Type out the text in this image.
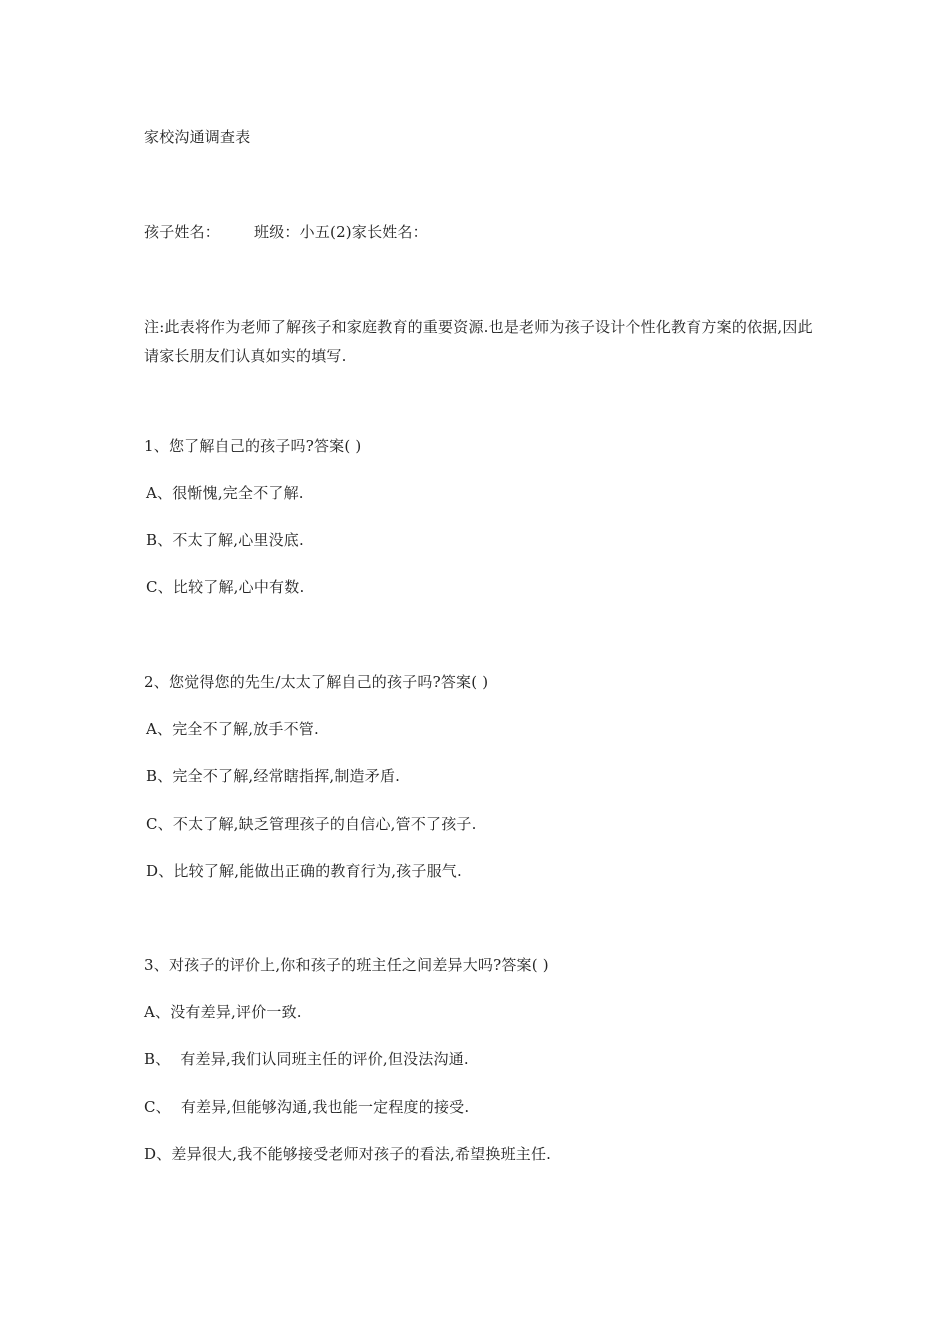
家校沟通调查表
孩子姓名： 班级：小五(2)家长姓名：
注:此表将作为老师了解孩子和家庭教育的重要资源.也是老师为孩子设计个性化教育方案的依据,因此请家长朋友们认真如实的填写.
1、您了解自己的孩子吗?答案( )
A、很惭愧,完全不了解.
B、不太了解,心里没底.
C、比较了解,心中有数.
2、您觉得您的先生/太太了解自己的孩子吗?答案( )
A、完全不了解,放手不管.
B、完全不了解,经常瞎指挥,制造矛盾.
C、不太了解,缺乏管理孩子的自信心,管不了孩子.
D、比较了解,能做出正确的教育行为,孩子服气.
3、对孩子的评价上,你和孩子的班主任之间差异大吗?答案( )
A、没有差异,评价一致.
B、  有差异,我们认同班主任的评价,但没法沟通.
C、  有差异,但能够沟通,我也能一定程度的接受.
D、差异很大,我不能够接受老师对孩子的看法,希望换班主任.
